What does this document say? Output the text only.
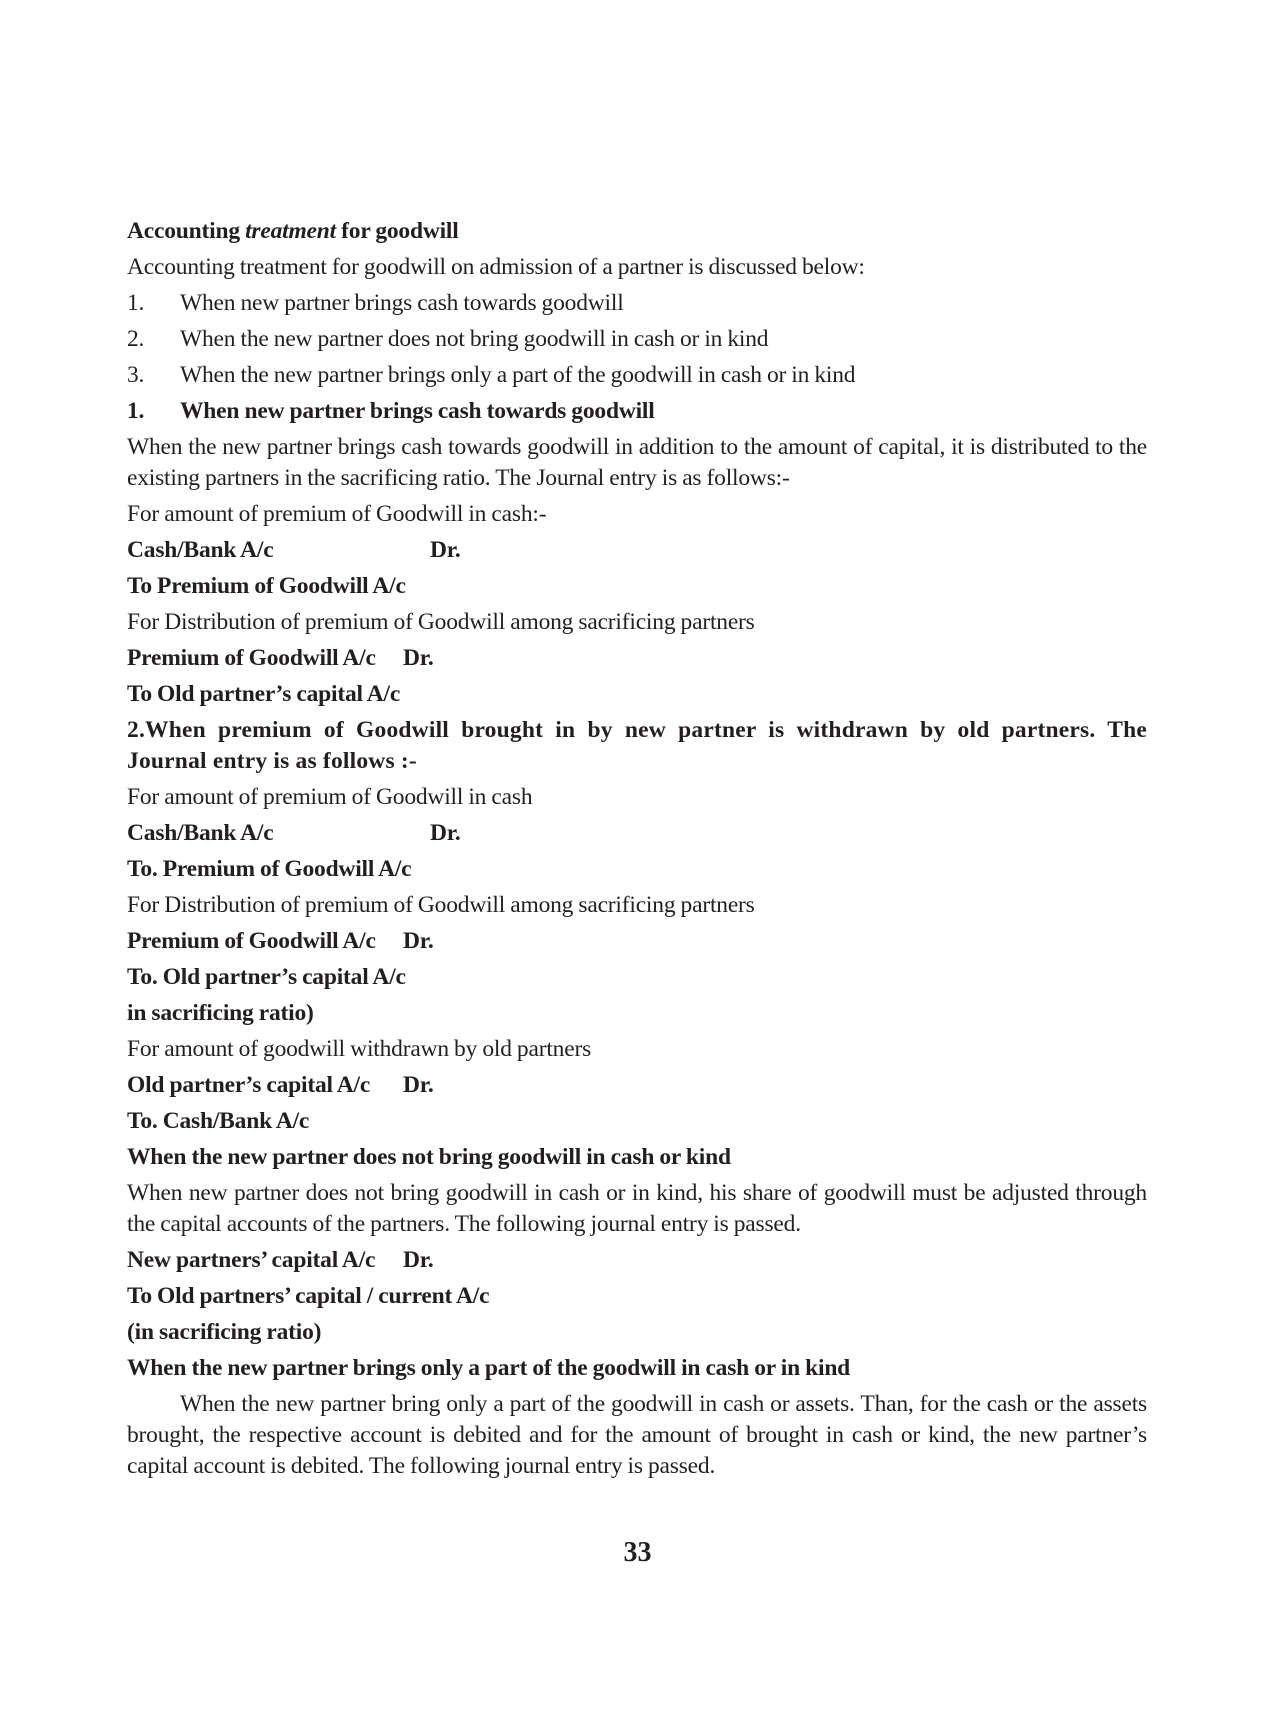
Accounting treatment for goodwill
Accounting treatment for goodwill on admission of a partner is discussed below:
1. When new partner brings cash towards goodwill
2. When the new partner does not bring goodwill in cash or in kind
3. When the new partner brings only a part of the goodwill in cash or in kind
1. When new partner brings cash towards goodwill
When the new partner brings cash towards goodwill in addition to the amount of capital, it is distributed to the existing partners in the sacrificing ratio. The Journal entry is as follows:-
For amount of premium of Goodwill in cash:-
Cash/Bank A/c	Dr.
To Premium of Goodwill A/c
For Distribution of premium of Goodwill among sacrificing partners
Premium of Goodwill A/c Dr.
To Old partner’s capital A/c
2.When premium of Goodwill brought in by new partner is withdrawn by old partners. The Journal entry is as follows :-
For amount of premium of Goodwill in cash
Cash/Bank A/c	Dr.
To. Premium of Goodwill A/c
For Distribution of premium of Goodwill among sacrificing partners
Premium of Goodwill A/c Dr.
To. Old partner’s capital A/c
in sacrificing ratio)
For amount of goodwill withdrawn by old partners
Old partner’s capital A/c Dr.
To. Cash/Bank A/c
When the new partner does not bring goodwill in cash or kind
When new partner does not bring goodwill in cash or in kind, his share of goodwill must be adjusted through the capital accounts of the partners. The following journal entry is passed.
New partners’ capital A/c Dr.
To Old partners’ capital / current A/c
(in sacrificing ratio)
When the new partner brings only a part of the goodwill in cash or in kind
When the new partner bring only a part of the goodwill in cash or assets. Than, for the cash or the assets brought, the respective account is debited and for the amount of brought in cash or kind, the new partner’s capital account is debited. The following journal entry is passed.
33
